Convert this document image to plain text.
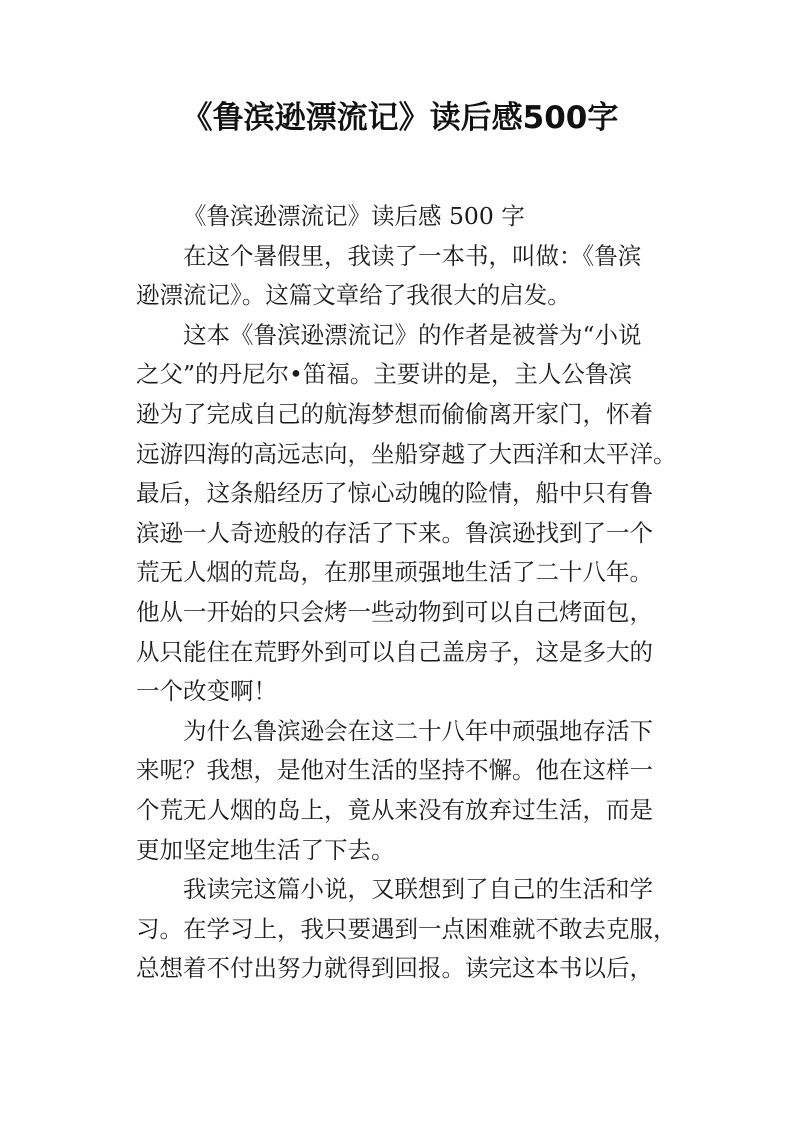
《鲁滨逊漂流记》读后感500字
《鲁滨逊漂流记》读后感 500 字
在这个暑假里，我读了一本书，叫做：《鲁滨
逊漂流记》。这篇文章给了我很大的启发。
这本《鲁滨逊漂流记》的作者是被誉为“小说
之父”的丹尼尔•笛福。主要讲的是，主人公鲁滨
逊为了完成自己的航海梦想而偷偷离开家门，怀着
远游四海的高远志向，坐船穿越了大西洋和太平洋。
最后，这条船经历了惊心动魄的险情，船中只有鲁
滨逊一人奇迹般的存活了下来。鲁滨逊找到了一个
荒无人烟的荒岛，在那里顽强地生活了二十八年。
他从一开始的只会烤一些动物到可以自己烤面包，
从只能住在荒野外到可以自己盖房子，这是多大的
一个改变啊！
为什么鲁滨逊会在这二十八年中顽强地存活下
来呢？我想，是他对生活的坚持不懈。他在这样一
个荒无人烟的岛上，竟从来没有放弃过生活，而是
更加坚定地生活了下去。
我读完这篇小说，又联想到了自己的生活和学
习。在学习上，我只要遇到一点困难就不敢去克服，
总想着不付出努力就得到回报。读完这本书以后，
